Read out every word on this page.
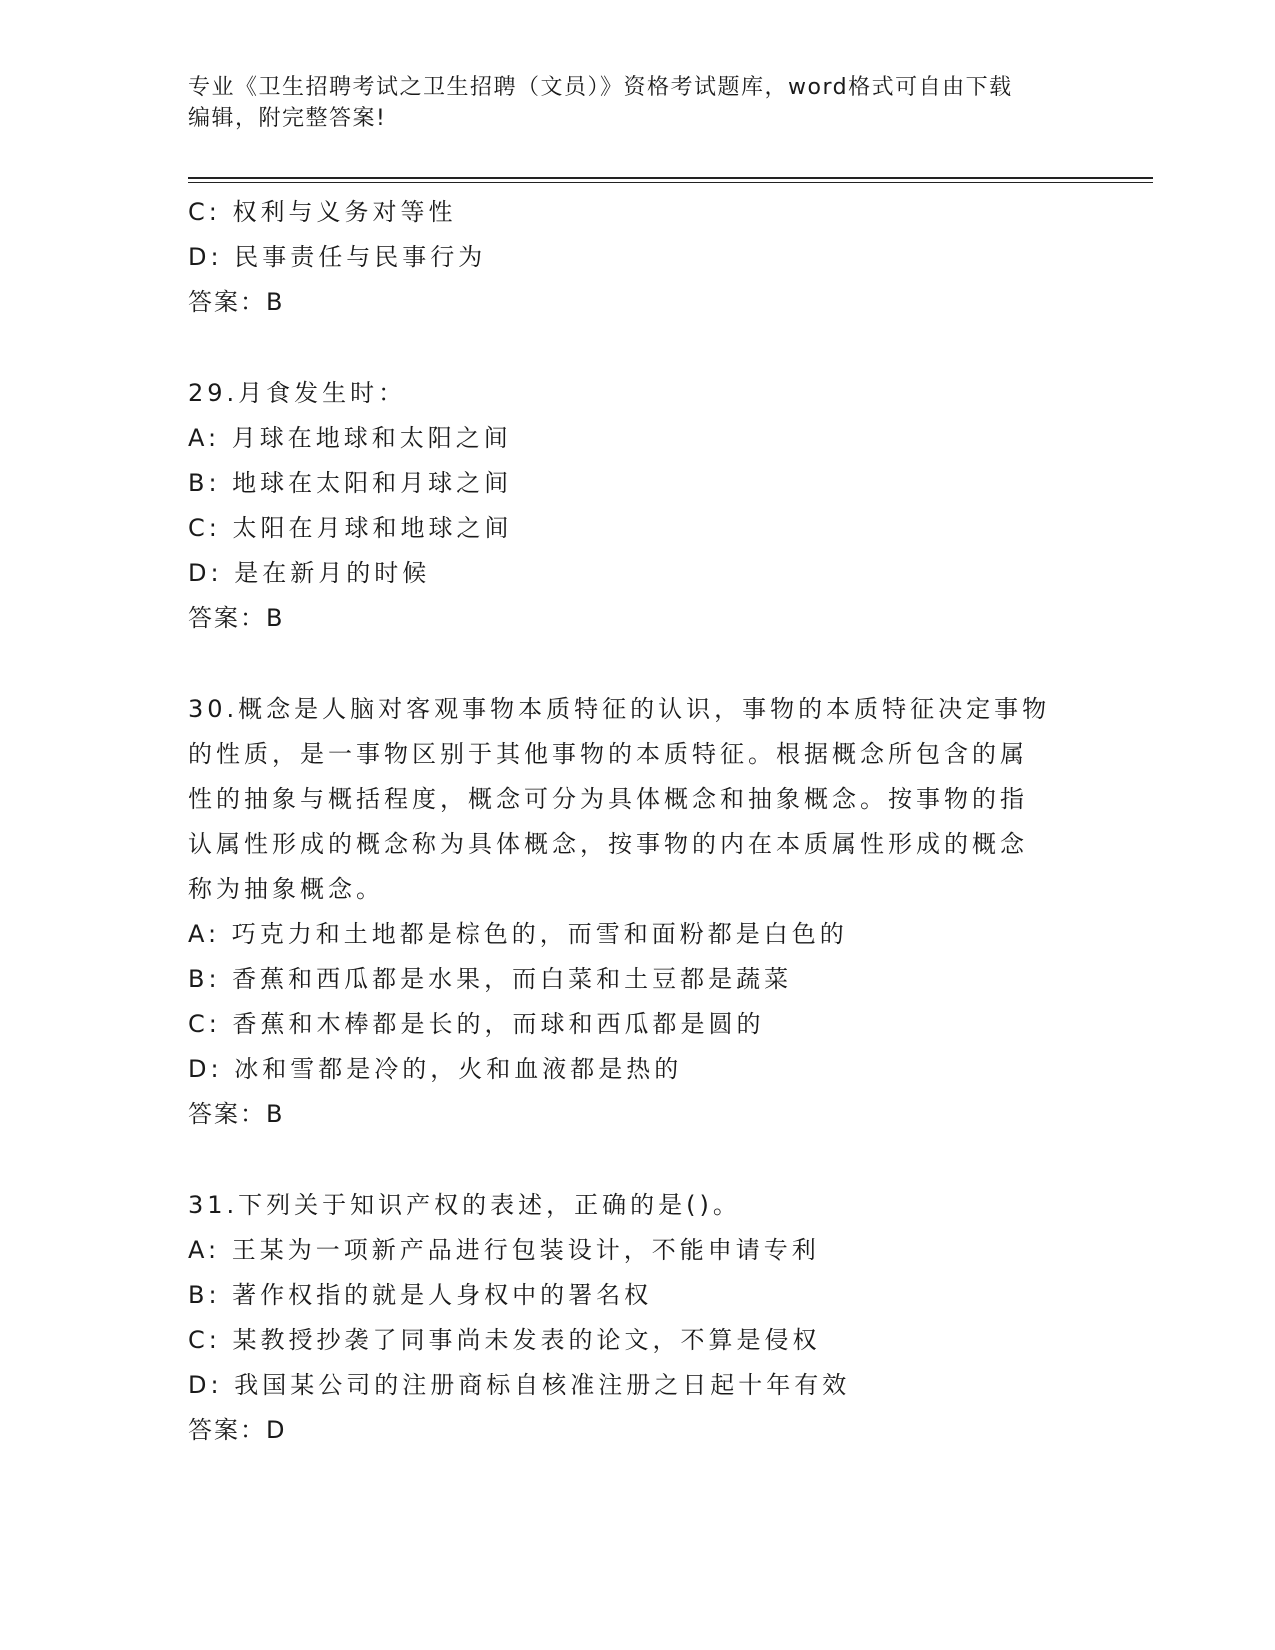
专业《卫生招聘考试之卫生招聘（文员）》资格考试题库，word格式可自由下载
编辑，附完整答案!
C: 权利与义务对等性
D: 民事责任与民事行为
答案：B
29.月食发生时：
A: 月球在地球和太阳之间
B: 地球在太阳和月球之间
C: 太阳在月球和地球之间
D: 是在新月的时候
答案：B
30.概念是人脑对客观事物本质特征的认识，事物的本质特征决定事物
的性质，是一事物区别于其他事物的本质特征。根据概念所包含的属
性的抽象与概括程度，概念可分为具体概念和抽象概念。按事物的指
认属性形成的概念称为具体概念，按事物的内在本质属性形成的概念
称为抽象概念。
A: 巧克力和土地都是棕色的，而雪和面粉都是白色的
B: 香蕉和西瓜都是水果，而白菜和土豆都是蔬菜
C: 香蕉和木棒都是长的，而球和西瓜都是圆的
D: 冰和雪都是冷的，火和血液都是热的
答案：B
31.下列关于知识产权的表述，正确的是()。
A: 王某为一项新产品进行包装设计，不能申请专利
B: 著作权指的就是人身权中的署名权
C: 某教授抄袭了同事尚未发表的论文，不算是侵权
D: 我国某公司的注册商标自核准注册之日起十年有效
答案：D
